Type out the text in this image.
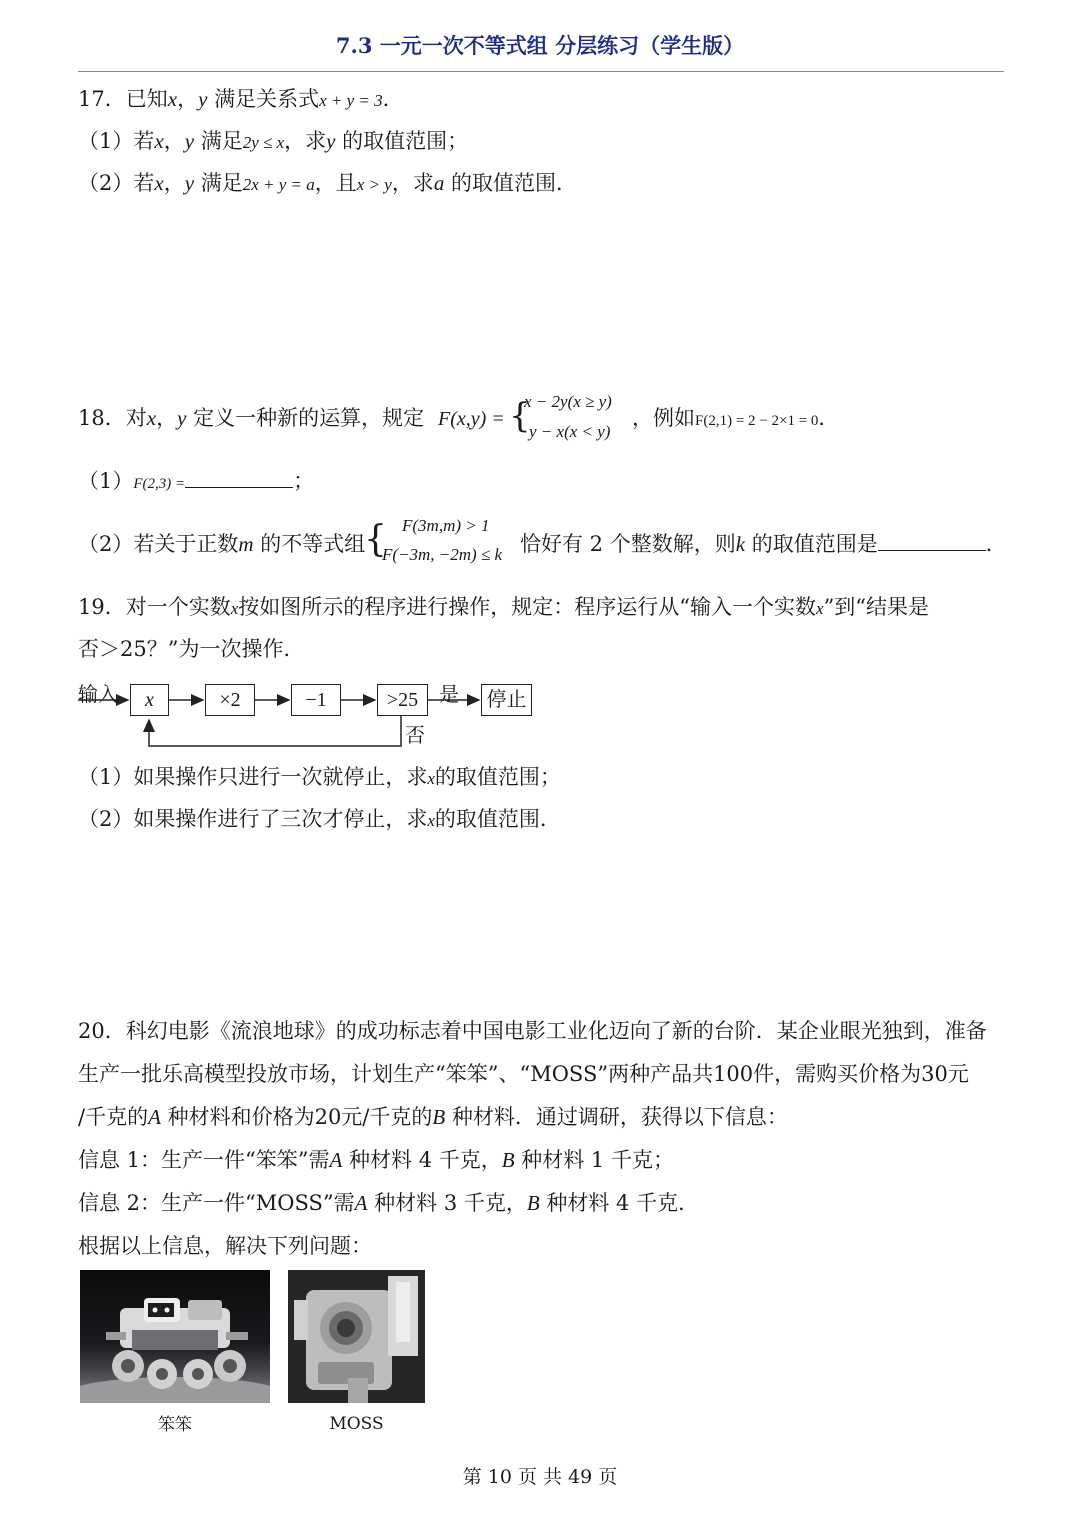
7.3 一元一次不等式组 分层练习（学生版）
17．已知x，y 满足关系式x + y = 3．
（1）若x，y 满足2y ≤ x，求y 的取值范围；
（2）若x，y 满足2x + y = a，且x > y，求a 的取值范围．
18．对x，y 定义一种新的运算，规定 F(x,y) = {
x − 2y(x ≥ y)
y − x(x < y)
，例如F(2,1) = 2 − 2×1 = 0．
（1）F(2,3) =	；
（2）若关于正数m 的不等式组
{ F(3m,m) > 1
F(−3m, −2m) ≤ k 恰好有 2 个整数解，则k 的取值范围是	．
19．对一个实数x按如图所示的程序进行操作，规定：程序运行从“输入一个实数x”到“结果是
否＞25？”为一次操作．
输入	x	×2	−1	>25	是 停止
否
（1）如果操作只进行一次就停止，求x的取值范围；
（2）如果操作进行了三次才停止，求x的取值范围．
20．科幻电影《流浪地球》的成功标志着中国电影工业化迈向了新的台阶．某企业眼光独到，准备
生产一批乐高模型投放市场，计划生产“笨笨”、“MOSS”两种产品共100件，需购买价格为30元
/千克的A 种材料和价格为20元/千克的B 种材料．通过调研，获得以下信息：
信息 1：生产一件“笨笨”需A 种材料 4 千克，B 种材料 1 千克；
信息 2：生产一件“MOSS”需A 种材料 3 千克，B 种材料 4 千克．
根据以上信息，解决下列问题：
笨笨	MOSS
第 10 页 共 49 页
